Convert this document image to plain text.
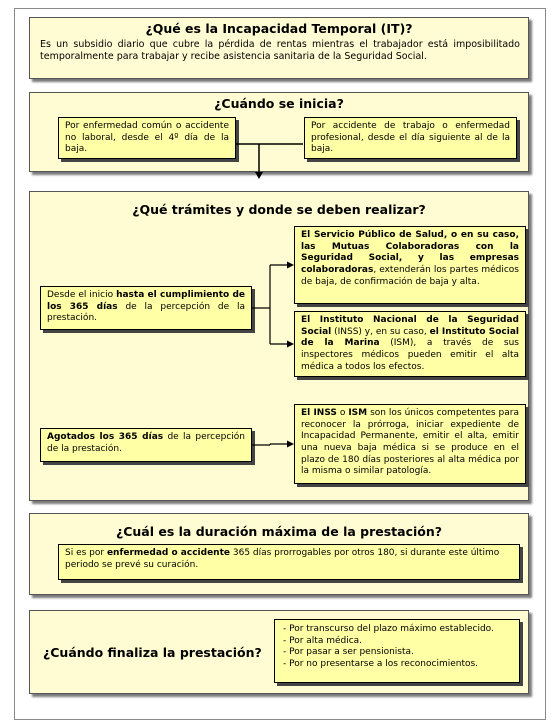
¿Qué es la Incapacidad Temporal (IT)?
Es un subsidio diario que cubre la pérdida de rentas mientras el trabajador está imposibilitado temporalmente para trabajar y recibe asistencia sanitaria de la Seguridad Social.
¿Cuándo se inicia?
Por enfermedad común o accidente no laboral, desde el 4º día de la baja.
Por accidente de trabajo o enfermedad profesional, desde el día siguiente al de la baja.
¿Qué trámites y donde se deben realizar?
Desde el inicio hasta el cumplimiento de los 365 días de la percepción de la prestación.
Agotados los 365 días de la percepción de la prestación.
El Servicio Público de Salud, o en su caso, las Mutuas Colaboradoras con la Seguridad Social, y las empresas colaboradoras, extenderán los partes médicos de baja, de confirmación de baja y alta.
El Instituto Nacional de la Seguridad Social (INSS) y, en su caso, el Instituto Social de la Marina (ISM), a través de sus inspectores médicos pueden emitir el alta médica a todos los efectos.
El INSS o ISM son los únicos competentes para reconocer la prórroga, iniciar expediente de Incapacidad Permanente, emitir el alta, emitir una nueva baja médica si se produce en el plazo de 180 días posteriores al alta médica por la misma o similar patología.
¿Cuál es la duración máxima de la prestación?
Si es por enfermedad o accidente 365 días prorrogables por otros 180, si durante este último periodo se prevé su curación.
¿Cuándo finaliza la prestación?
- Por transcurso del plazo máximo establecido.
- Por alta médica.
- Por pasar a ser pensionista.
- Por no presentarse a los reconocimientos.
